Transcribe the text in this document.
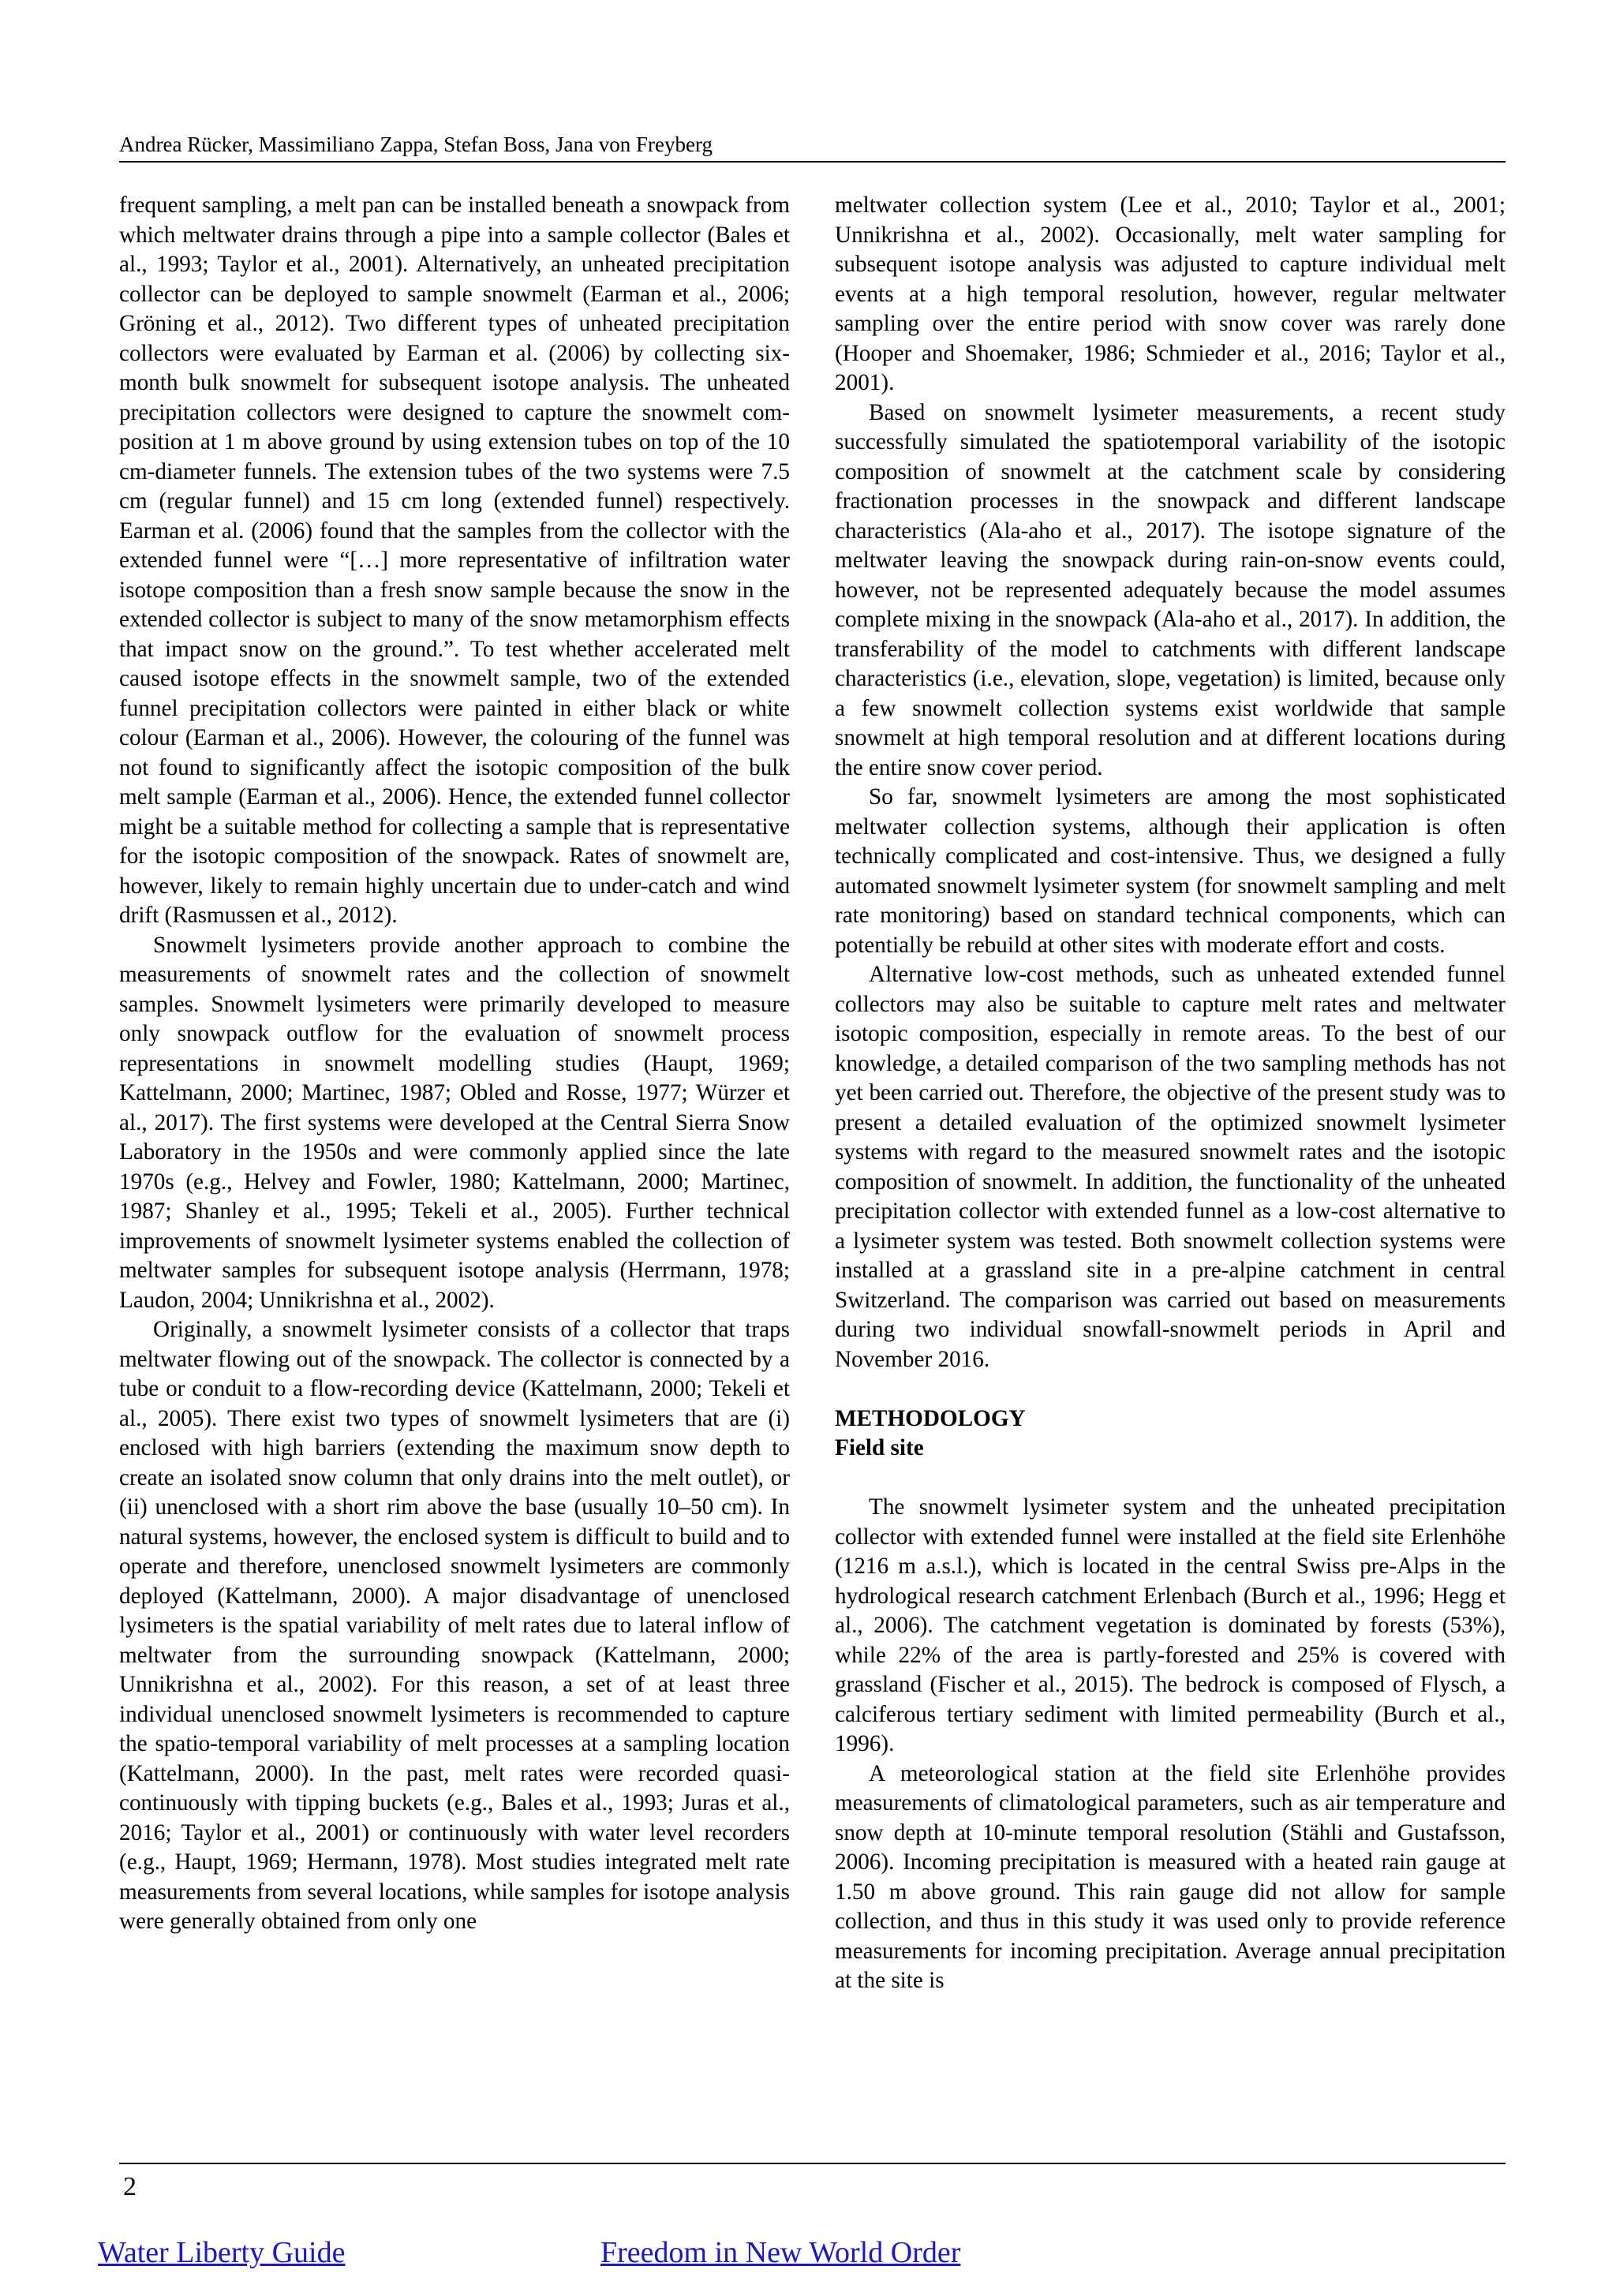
Andrea Rücker, Massimiliano Zappa, Stefan Boss, Jana von Freyberg

frequent sampling, a melt pan can be installed beneath a snowpack from which meltwater drains through a pipe into a sample collector (Bales et al., 1993; Taylor et al., 2001). Alternatively, an unheated precipitation collector can be deployed to sample snowmelt (Earman et al., 2006; Gröning et al., 2012). Two different types of unheated precipitation collectors were evaluated by Earman et al. (2006) by collecting six-month bulk snowmelt for subsequent isotope analysis. The unheated precipitation collectors were designed to capture the snowmelt composition at 1 m above ground by using extension tubes on top of the 10 cm-diameter funnels. The extension tubes of the two systems were 7.5 cm (regular funnel) and 15 cm long (extended funnel) respectively. Earman et al. (2006) found that the samples from the collector with the extended funnel were “[…] more representative of infiltration water isotope composition than a fresh snow sample because the snow in the extended collector is subject to many of the snow metamorphism effects that impact snow on the ground.”. To test whether accelerated melt caused isotope effects in the snowmelt sample, two of the extended funnel precipitation collectors were painted in either black or white colour (Earman et al., 2006). However, the colouring of the funnel was not found to significantly affect the isotopic composition of the bulk melt sample (Earman et al., 2006). Hence, the extended funnel collector might be a suitable method for collecting a sample that is representative for the isotopic composition of the snowpack. Rates of snowmelt are, however, likely to remain highly uncertain due to under-catch and wind drift (Rasmussen et al., 2012).

Snowmelt lysimeters provide another approach to combine the measurements of snowmelt rates and the collection of snowmelt samples. Snowmelt lysimeters were primarily developed to measure only snowpack outflow for the evaluation of snowmelt process representations in snowmelt modelling studies (Haupt, 1969; Kattelmann, 2000; Martinec, 1987; Obled and Rosse, 1977; Würzer et al., 2017). The first systems were developed at the Central Sierra Snow Laboratory in the 1950s and were commonly applied since the late 1970s (e.g., Helvey and Fowler, 1980; Kattelmann, 2000; Martinec, 1987; Shanley et al., 1995; Tekeli et al., 2005). Further technical improvements of snowmelt lysimeter systems enabled the collection of meltwater samples for subsequent isotope analysis (Herrmann, 1978; Laudon, 2004; Unnikrishna et al., 2002).

Originally, a snowmelt lysimeter consists of a collector that traps meltwater flowing out of the snowpack. The collector is connected by a tube or conduit to a flow-recording device (Kattelmann, 2000; Tekeli et al., 2005). There exist two types of snowmelt lysimeters that are (i) enclosed with high barriers (extending the maximum snow depth to create an isolated snow column that only drains into the melt outlet), or (ii) unenclosed with a short rim above the base (usually 10–50 cm). In natural systems, however, the enclosed system is difficult to build and to operate and therefore, unenclosed snowmelt lysimeters are commonly deployed (Kattelmann, 2000). A major disadvantage of unenclosed lysimeters is the spatial variability of melt rates due to lateral inflow of meltwater from the surrounding snowpack (Kattelmann, 2000; Unnikrishna et al., 2002). For this reason, a set of at least three individual unenclosed snowmelt lysimeters is recommended to capture the spatio-temporal variability of melt processes at a sampling location (Kattelmann, 2000). In the past, melt rates were recorded quasi-continuously with tipping buckets (e.g., Bales et al., 1993; Juras et al., 2016; Taylor et al., 2001) or continuously with water level recorders (e.g., Haupt, 1969; Hermann, 1978). Most studies integrated melt rate measurements from several locations, while samples for isotope analysis were generally obtained from only one

meltwater collection system (Lee et al., 2010; Taylor et al., 2001; Unnikrishna et al., 2002). Occasionally, melt water sampling for subsequent isotope analysis was adjusted to capture individual melt events at a high temporal resolution, however, regular meltwater sampling over the entire period with snow cover was rarely done (Hooper and Shoemaker, 1986; Schmieder et al., 2016; Taylor et al., 2001).

Based on snowmelt lysimeter measurements, a recent study successfully simulated the spatiotemporal variability of the isotopic composition of snowmelt at the catchment scale by considering fractionation processes in the snowpack and different landscape characteristics (Ala-aho et al., 2017). The isotope signature of the meltwater leaving the snowpack during rain-on-snow events could, however, not be represented adequately because the model assumes complete mixing in the snowpack (Ala-aho et al., 2017). In addition, the transferability of the model to catchments with different landscape characteristics (i.e., elevation, slope, vegetation) is limited, because only a few snowmelt collection systems exist worldwide that sample snowmelt at high temporal resolution and at different locations during the entire snow cover period.

So far, snowmelt lysimeters are among the most sophisticated meltwater collection systems, although their application is often technically complicated and cost-intensive. Thus, we designed a fully automated snowmelt lysimeter system (for snowmelt sampling and melt rate monitoring) based on standard technical components, which can potentially be rebuild at other sites with moderate effort and costs.

Alternative low-cost methods, such as unheated extended funnel collectors may also be suitable to capture melt rates and meltwater isotopic composition, especially in remote areas. To the best of our knowledge, a detailed comparison of the two sampling methods has not yet been carried out. Therefore, the objective of the present study was to present a detailed evaluation of the optimized snowmelt lysimeter systems with regard to the measured snowmelt rates and the isotopic composition of snowmelt. In addition, the functionality of the unheated precipitation collector with extended funnel as a low-cost alternative to a lysimeter system was tested. Both snowmelt collection systems were installed at a grassland site in a pre-alpine catchment in central Switzerland. The comparison was carried out based on measurements during two individual snowfall-snowmelt periods in April and November 2016.

METHODOLOGY
Field site

The snowmelt lysimeter system and the unheated precipitation collector with extended funnel were installed at the field site Erlenhöhe (1216 m a.s.l.), which is located in the central Swiss pre-Alps in the hydrological research catchment Erlenbach (Burch et al., 1996; Hegg et al., 2006). The catchment vegetation is dominated by forests (53%), while 22% of the area is partly-forested and 25% is covered with grassland (Fischer et al., 2015). The bedrock is composed of Flysch, a calciferous tertiary sediment with limited permeability (Burch et al., 1996).

A meteorological station at the field site Erlenhöhe provides measurements of climatological parameters, such as air temperature and snow depth at 10-minute temporal resolution (Stähli and Gustafsson, 2006). Incoming precipitation is measured with a heated rain gauge at 1.50 m above ground. This rain gauge did not allow for sample collection, and thus in this study it was used only to provide reference measurements for incoming precipitation. Average annual precipitation at the site is

2
Water Liberty Guide	Freedom in New World Order
